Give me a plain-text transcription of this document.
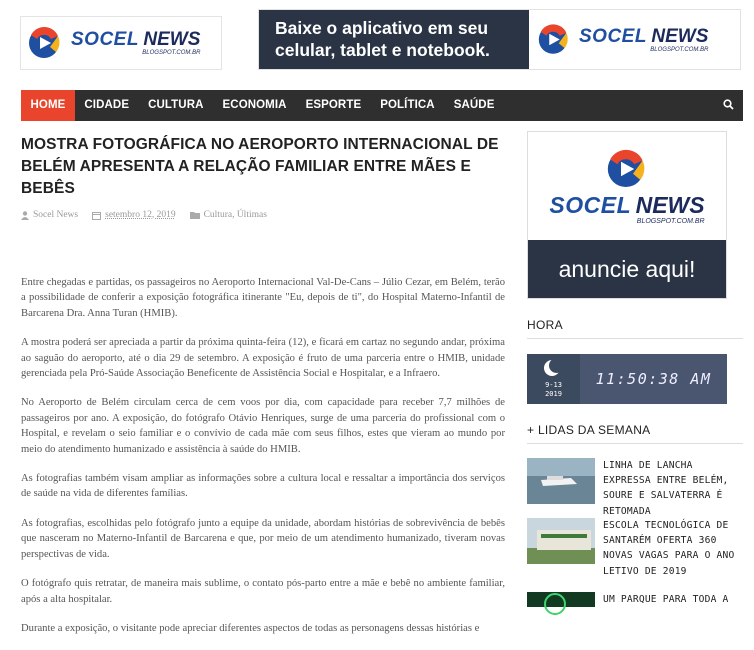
SOCEL NEWS
BLOGSPOT.COM.BR
Baixe o aplicativo em seu
celular, tablet e notebook.
SOCEL NEWS
BLOGSPOT.COM.BR
HOME	CIDADE	CULTURA	ECONOMIA	ESPORTE	POLÍTICA	SAÚDE
MOSTRA FOTOGRÁFICA NO AEROPORTO INTERNACIONAL DE BELÉM APRESENTA A RELAÇÃO FAMILIAR ENTRE MÃES E BEBÊS
Socel News	setembro 12, 2019	Cultura, Últimas

Entre chegadas e partidas, os passageiros no Aeroporto Internacional Val-De-Cans – Júlio Cezar, em Belém, terão a possibilidade de conferir a exposição fotográfica itinerante "Eu, depois de ti", do Hospital Materno-Infantil de Barcarena Dra. Anna Turan (HMIB).

A mostra poderá ser apreciada a partir da próxima quinta-feira (12), e ficará em cartaz no segundo andar, próxima ao saguão do aeroporto, até o dia 29 de setembro. A exposição é fruto de uma parceria entre o HMIB, unidade gerenciada pela Pró-Saúde Associação Beneficente de Assistência Social e Hospitalar, e a Infraero.

No Aeroporto de Belém circulam cerca de cem voos por dia, com capacidade para receber 7,7 milhões de passageiros por ano. A exposição, do fotógrafo Otávio Henriques, surge de uma parceria do profissional com o Hospital, e revelam o seio familiar e o convívio de cada mãe com seus filhos, estes que vieram ao mundo por meio do atendimento humanizado e assistência à saúde do HMIB.

As fotografias também visam ampliar as informações sobre a cultura local e ressaltar a importância dos serviços de saúde na vida de diferentes famílias.

As fotografias, escolhidas pelo fotógrafo junto a equipe da unidade, abordam histórias de sobrevivência de bebês que nasceram no Materno-Infantil de Barcarena e que, por meio de um atendimento humanizado, tiveram novas perspectivas de vida.

O fotógrafo quis retratar, de maneira mais sublime, o contato pós-parto entre a mãe e bebê no ambiente familiar, após a alta hospitalar.

Durante a exposição, o visitante pode apreciar diferentes aspectos de todas as personagens dessas histórias e

SOCEL NEWS
BLOGSPOT.COM.BR
anuncie aqui!
HORA
9-13
2019
11:50:38 AM
+ LIDAS DA SEMANA
LINHA DE LANCHA EXPRESSA ENTRE BELÉM, SOURE E SALVATERRA É RETOMADA
ESCOLA TECNOLÓGICA DE SANTARÉM OFERTA 360 NOVAS VAGAS PARA O ANO LETIVO DE 2019
UM PARQUE PARA TODA A
